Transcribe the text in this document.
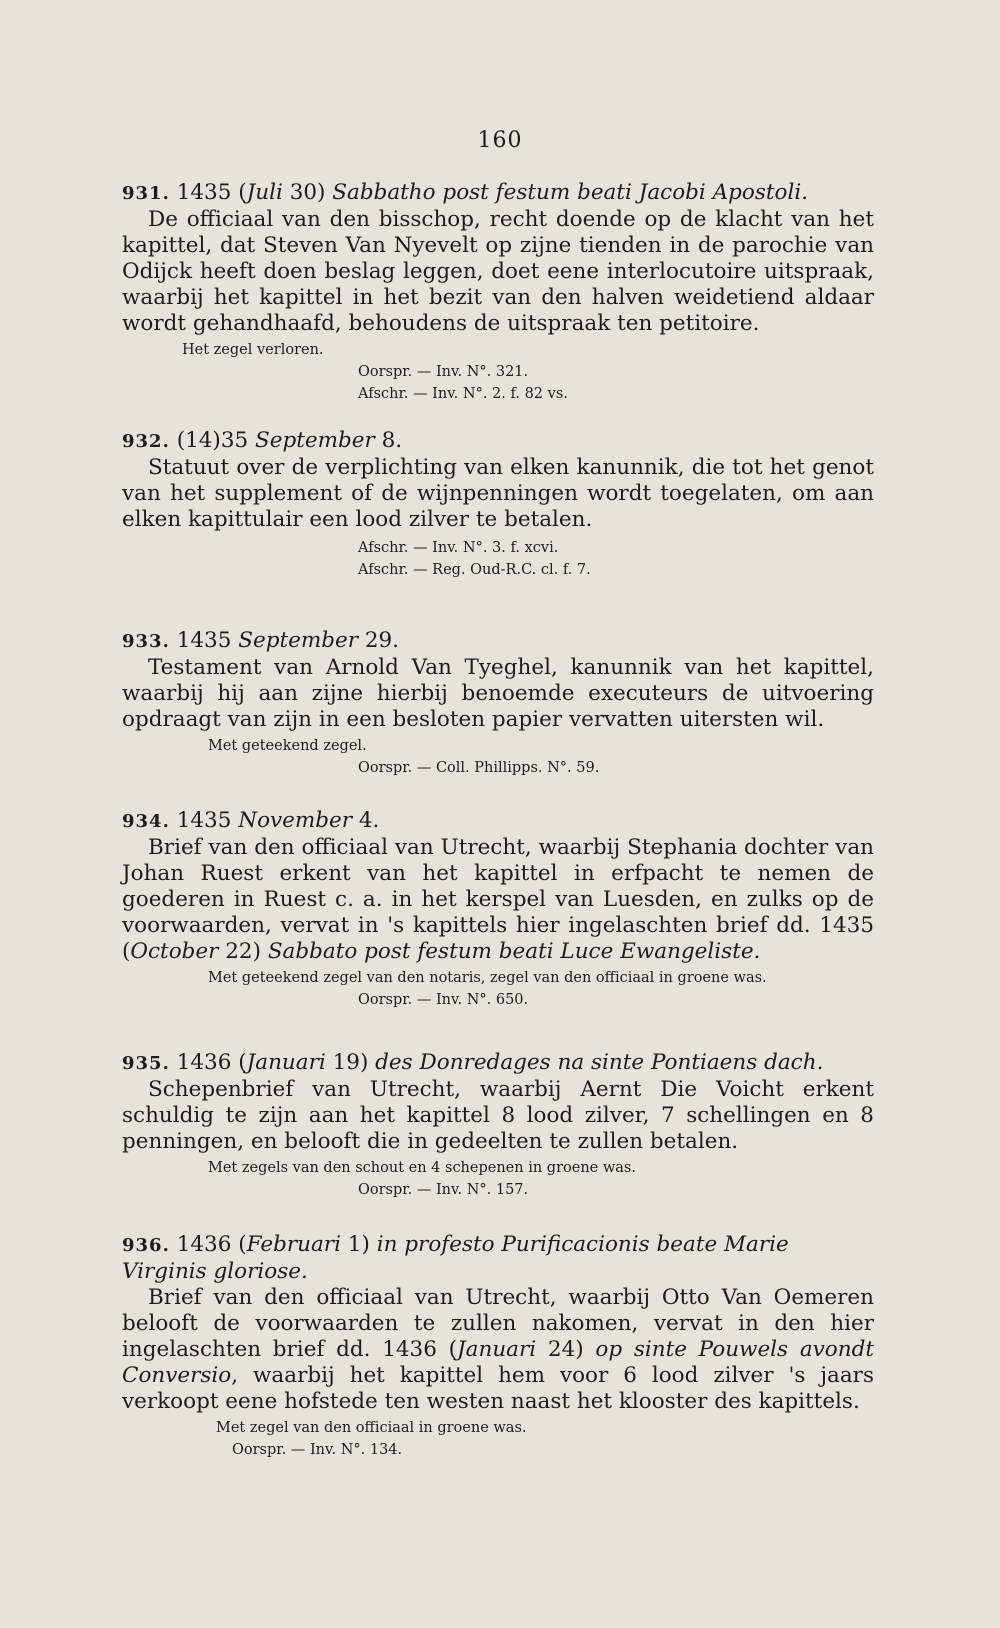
160

931. 1435 (Juli 30) Sabbatho post festum beati Jacobi Apostoli.

De officiaal van den bisschop, recht doende op de klacht van het kapittel, dat Steven Van Nyevelt op zijne tienden in de parochie van Odijck heeft doen beslag leggen, doet eene interlocutoire uitspraak, waarbij het kapittel in het bezit van den halven weidetiend aldaar wordt gehandhaafd, behoudens de uitspraak ten petitoire.

Het zegel verloren.

Oorspr. — Inv. N°. 321.

Afschr. — Inv. N°. 2. f. 82 vs.

932. (14)35 September 8.

Statuut over de verplichting van elken kanunnik, die tot het genot van het supplement of de wijnpenningen wordt toegelaten, om aan elken kapittulair een lood zilver te betalen.

Afschr. — Inv. N°. 3. f. xcvi.

Afschr. — Reg. Oud-R.C. cl. f. 7.

933. 1435 September 29.

Testament van Arnold Van Tyeghel, kanunnik van het kapittel, waarbij hij aan zijne hierbij benoemde executeurs de uitvoering opdraagt van zijn in een besloten papier vervatten uitersten wil.

Met geteekend zegel.

Oorspr. — Coll. Phillipps. N°. 59.

934. 1435 November 4.

Brief van den officiaal van Utrecht, waarbij Stephania dochter van Johan Ruest erkent van het kapittel in erfpacht te nemen de goederen in Ruest c. a. in het kerspel van Luesden, en zulks op de voorwaarden, vervat in 's kapittels hier ingelaschten brief dd. 1435 (October 22) Sabbato post festum beati Luce Ewangeliste.

Met geteekend zegel van den notaris, zegel van den officiaal in groene was.

Oorspr. — Inv. N°. 650.

935. 1436 (Januari 19) des Donredages na sinte Pontiaens dach.

Schepenbrief van Utrecht, waarbij Aernt Die Voicht erkent schuldig te zijn aan het kapittel 8 lood zilver, 7 schellingen en 8 penningen, en belooft die in gedeelten te zullen betalen.

Met zegels van den schout en 4 schepenen in groene was.

Oorspr. — Inv. N°. 157.

936. 1436 (Februari 1) in profesto Purificacionis beate Marie Virginis gloriose.

Brief van den officiaal van Utrecht, waarbij Otto Van Oemeren belooft de voorwaarden te zullen nakomen, vervat in den hier ingelaschten brief dd. 1436 (Januari 24) op sinte Pouwels avondt Conversio, waarbij het kapittel hem voor 6 lood zilver 's jaars verkoopt eene hofstede ten westen naast het klooster des kapittels.

Met zegel van den officiaal in groene was.

Oorspr. — Inv. N°. 134.
